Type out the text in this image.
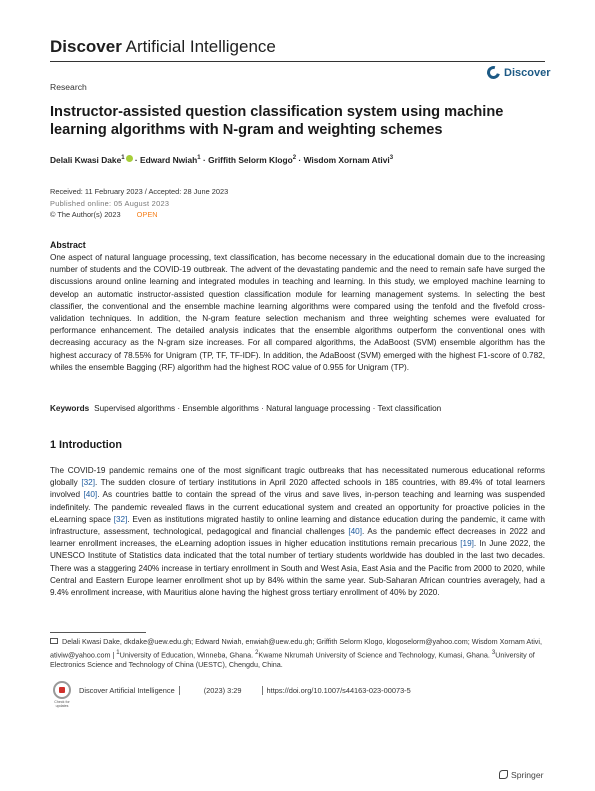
Discover Artificial Intelligence
Research
Discover
Instructor-assisted question classification system using machine learning algorithms with N-gram and weighting schemes
Delali Kwasi Dake$^1$ · Edward Nwiah$^1$ · Griffith Selorm Klogo$^2$ · Wisdom Xornam Ativi$^3$
Received: 11 February 2023 / Accepted: 28 June 2023
Published online: 05 August 2023
© The Author(s) 2023 OPEN
Abstract

One aspect of natural language processing, text classification, has become necessary in the educational domain due to the increasing number of students and the COVID-19 outbreak. The advent of the devastating pandemic and the need to remain safe have surged the discussions around online learning and integrated modules in teaching and learning. In this study, we employed machine learning to develop an automatic instructor-assisted question classification module for learning management systems. In selecting the best classifier, the conventional and the ensemble machine learning algorithms were compared using the tenfold and the fivefold cross-validation techniques. In addition, the N-gram feature selection mechanism and three weighting schemes were evaluated for performance enhancement. The detailed analysis indicates that the ensemble algorithms outperform the conventional ones with decreasing accuracy as the N-gram size increases. For all compared algorithms, the AdaBoost (SVM) ensemble algorithm has the highest accuracy of 78.55% for Unigram (TP, TF, TF-IDF). In addition, the AdaBoost (SVM) emerged with the highest F1-score of 0.782, whiles the ensemble Bagging (RF) algorithm had the highest ROC value of 0.955 for Unigram (TP).

Keywords Supervised algorithms · Ensemble algorithms · Natural language processing · Text classification
1 Introduction

The COVID-19 pandemic remains one of the most significant tragic outbreaks that has necessitated numerous educational reforms globally [32]. The sudden closure of tertiary institutions in April 2020 affected schools in 185 countries, with 89.4% of total learners involved [40]. As countries battle to contain the spread of the virus and save lives, in-person teaching and learning was suspended indefinitely. The pandemic revealed flaws in the current educational system and created an opportunity for proactive policies in the eLearning space [32]. Even as institutions migrated hastily to online learning and distance education during the pandemic, it came with infrastructure, assessment, technological, pedagogical and financial challenges [40]. As the pandemic effect decreases in 2022 and learner enrollment increases, the eLearning adoption issues in higher education institutions remain precarious [19]. In June 2022, the UNESCO Institute of Statistics data indicated that the total number of tertiary students worldwide has doubled in the last two decades. There was a staggering 240% increase in tertiary enrollment in South and West Asia, East Asia and the Pacific from 2000 to 2020, while Central and Eastern Europe learner enrollment shot up by 84% within the same year. Sub-Saharan African countries averagely, had a 9.4% enrollment increase, with Mauritius alone having the highest gross tertiary enrollment of 40% by 2020.

Delali Kwasi Dake, dkdake@uew.edu.gh; Edward Nwiah, enwiah@uew.edu.gh; Griffith Selorm Klogo, klogoselorm@yahoo.com; Wisdom Xornam Ativi, ativiw@yahoo.com | $^1$University of Education, Winneba, Ghana. $^2$Kwame Nkrumah University of Science and Technology, Kumasi, Ghana. $^3$University of Electronics Science and Technology of China (UESTC), Chengdu, China.
Check for
updates
Discover Artificial Intelligence	(2023) 3:29	https://doi.org/10.1007/s44163-023-00073-5
Springer
